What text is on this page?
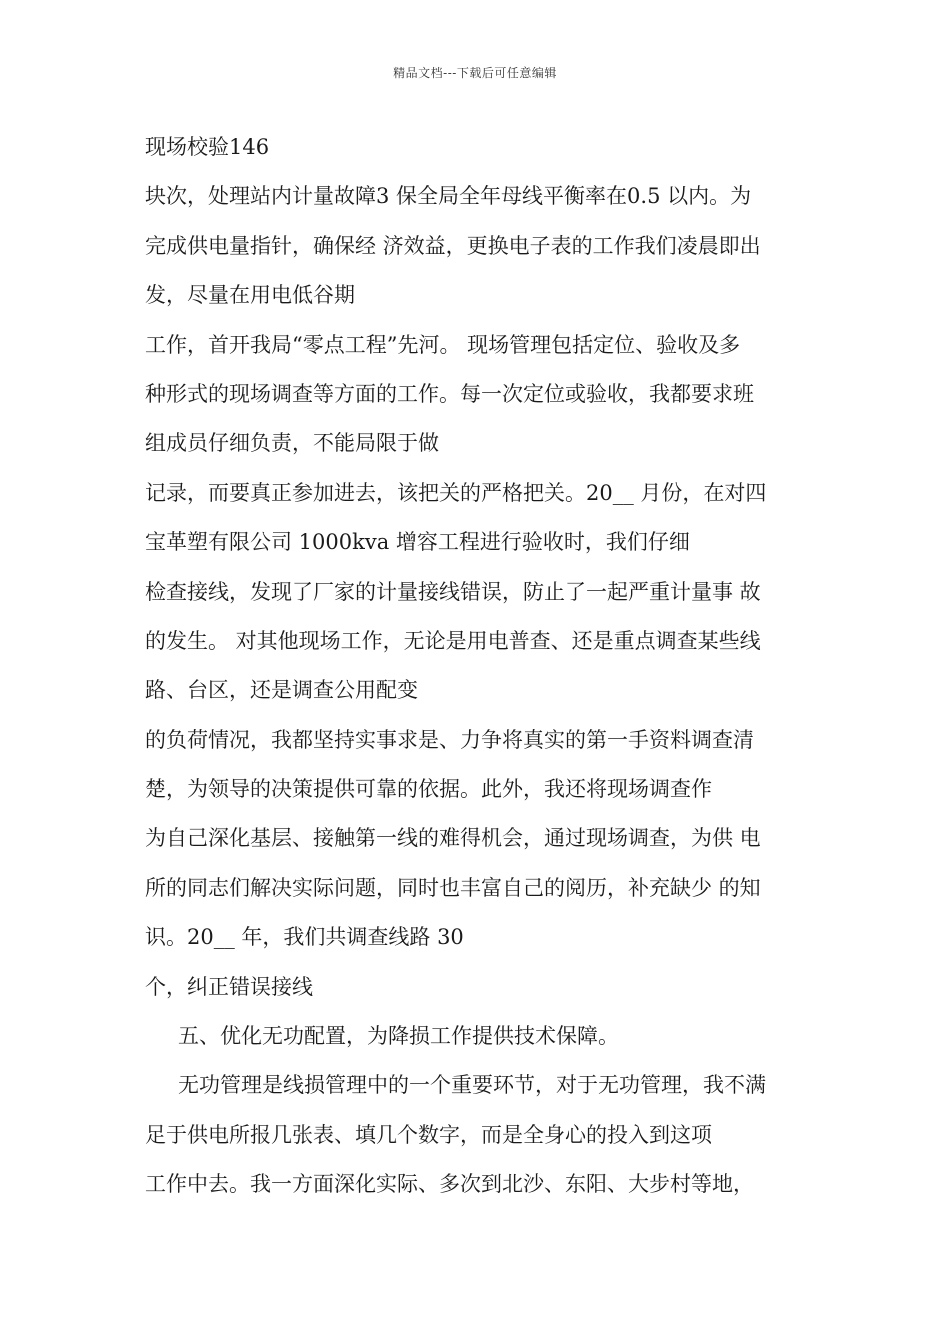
精品文档---下载后可任意编辑
现场校验146
块次，处理站内计量故障3 保全局全年母线平衡率在0.5 以内。为
完成供电量指针，确保经 济效益，更换电子表的工作我们凌晨即出
发，尽量在用电低谷期
工作，首开我局“零点工程”先河。 现场管理包括定位、验收及多
种形式的现场调查等方面的工作。每一次定位或验收，我都要求班
组成员仔细负责，不能局限于做
记录，而要真正参加进去，该把关的严格把关。20__ 月份，在对四
宝革塑有限公司 1000kva 增容工程进行验收时，我们仔细
检查接线，发现了厂家的计量接线错误，防止了一起严重计量事 故
的发生。 对其他现场工作，无论是用电普查、还是重点调查某些线
路、台区，还是调查公用配变
的负荷情况，我都坚持实事求是、力争将真实的第一手资料调查清
楚，为领导的决策提供可靠的依据。此外，我还将现场调查作
为自己深化基层、接触第一线的难得机会，通过现场调查，为供 电
所的同志们解决实际问题，同时也丰富自己的阅历，补充缺少 的知
识。20__ 年，我们共调查线路 30
个，纠正错误接线
五、优化无功配置，为降损工作提供技术保障。
无功管理是线损管理中的一个重要环节，对于无功管理，我不满
足于供电所报几张表、填几个数字，而是全身心的投入到这项
工作中去。我一方面深化实际、多次到北沙、东阳、大步村等地，
